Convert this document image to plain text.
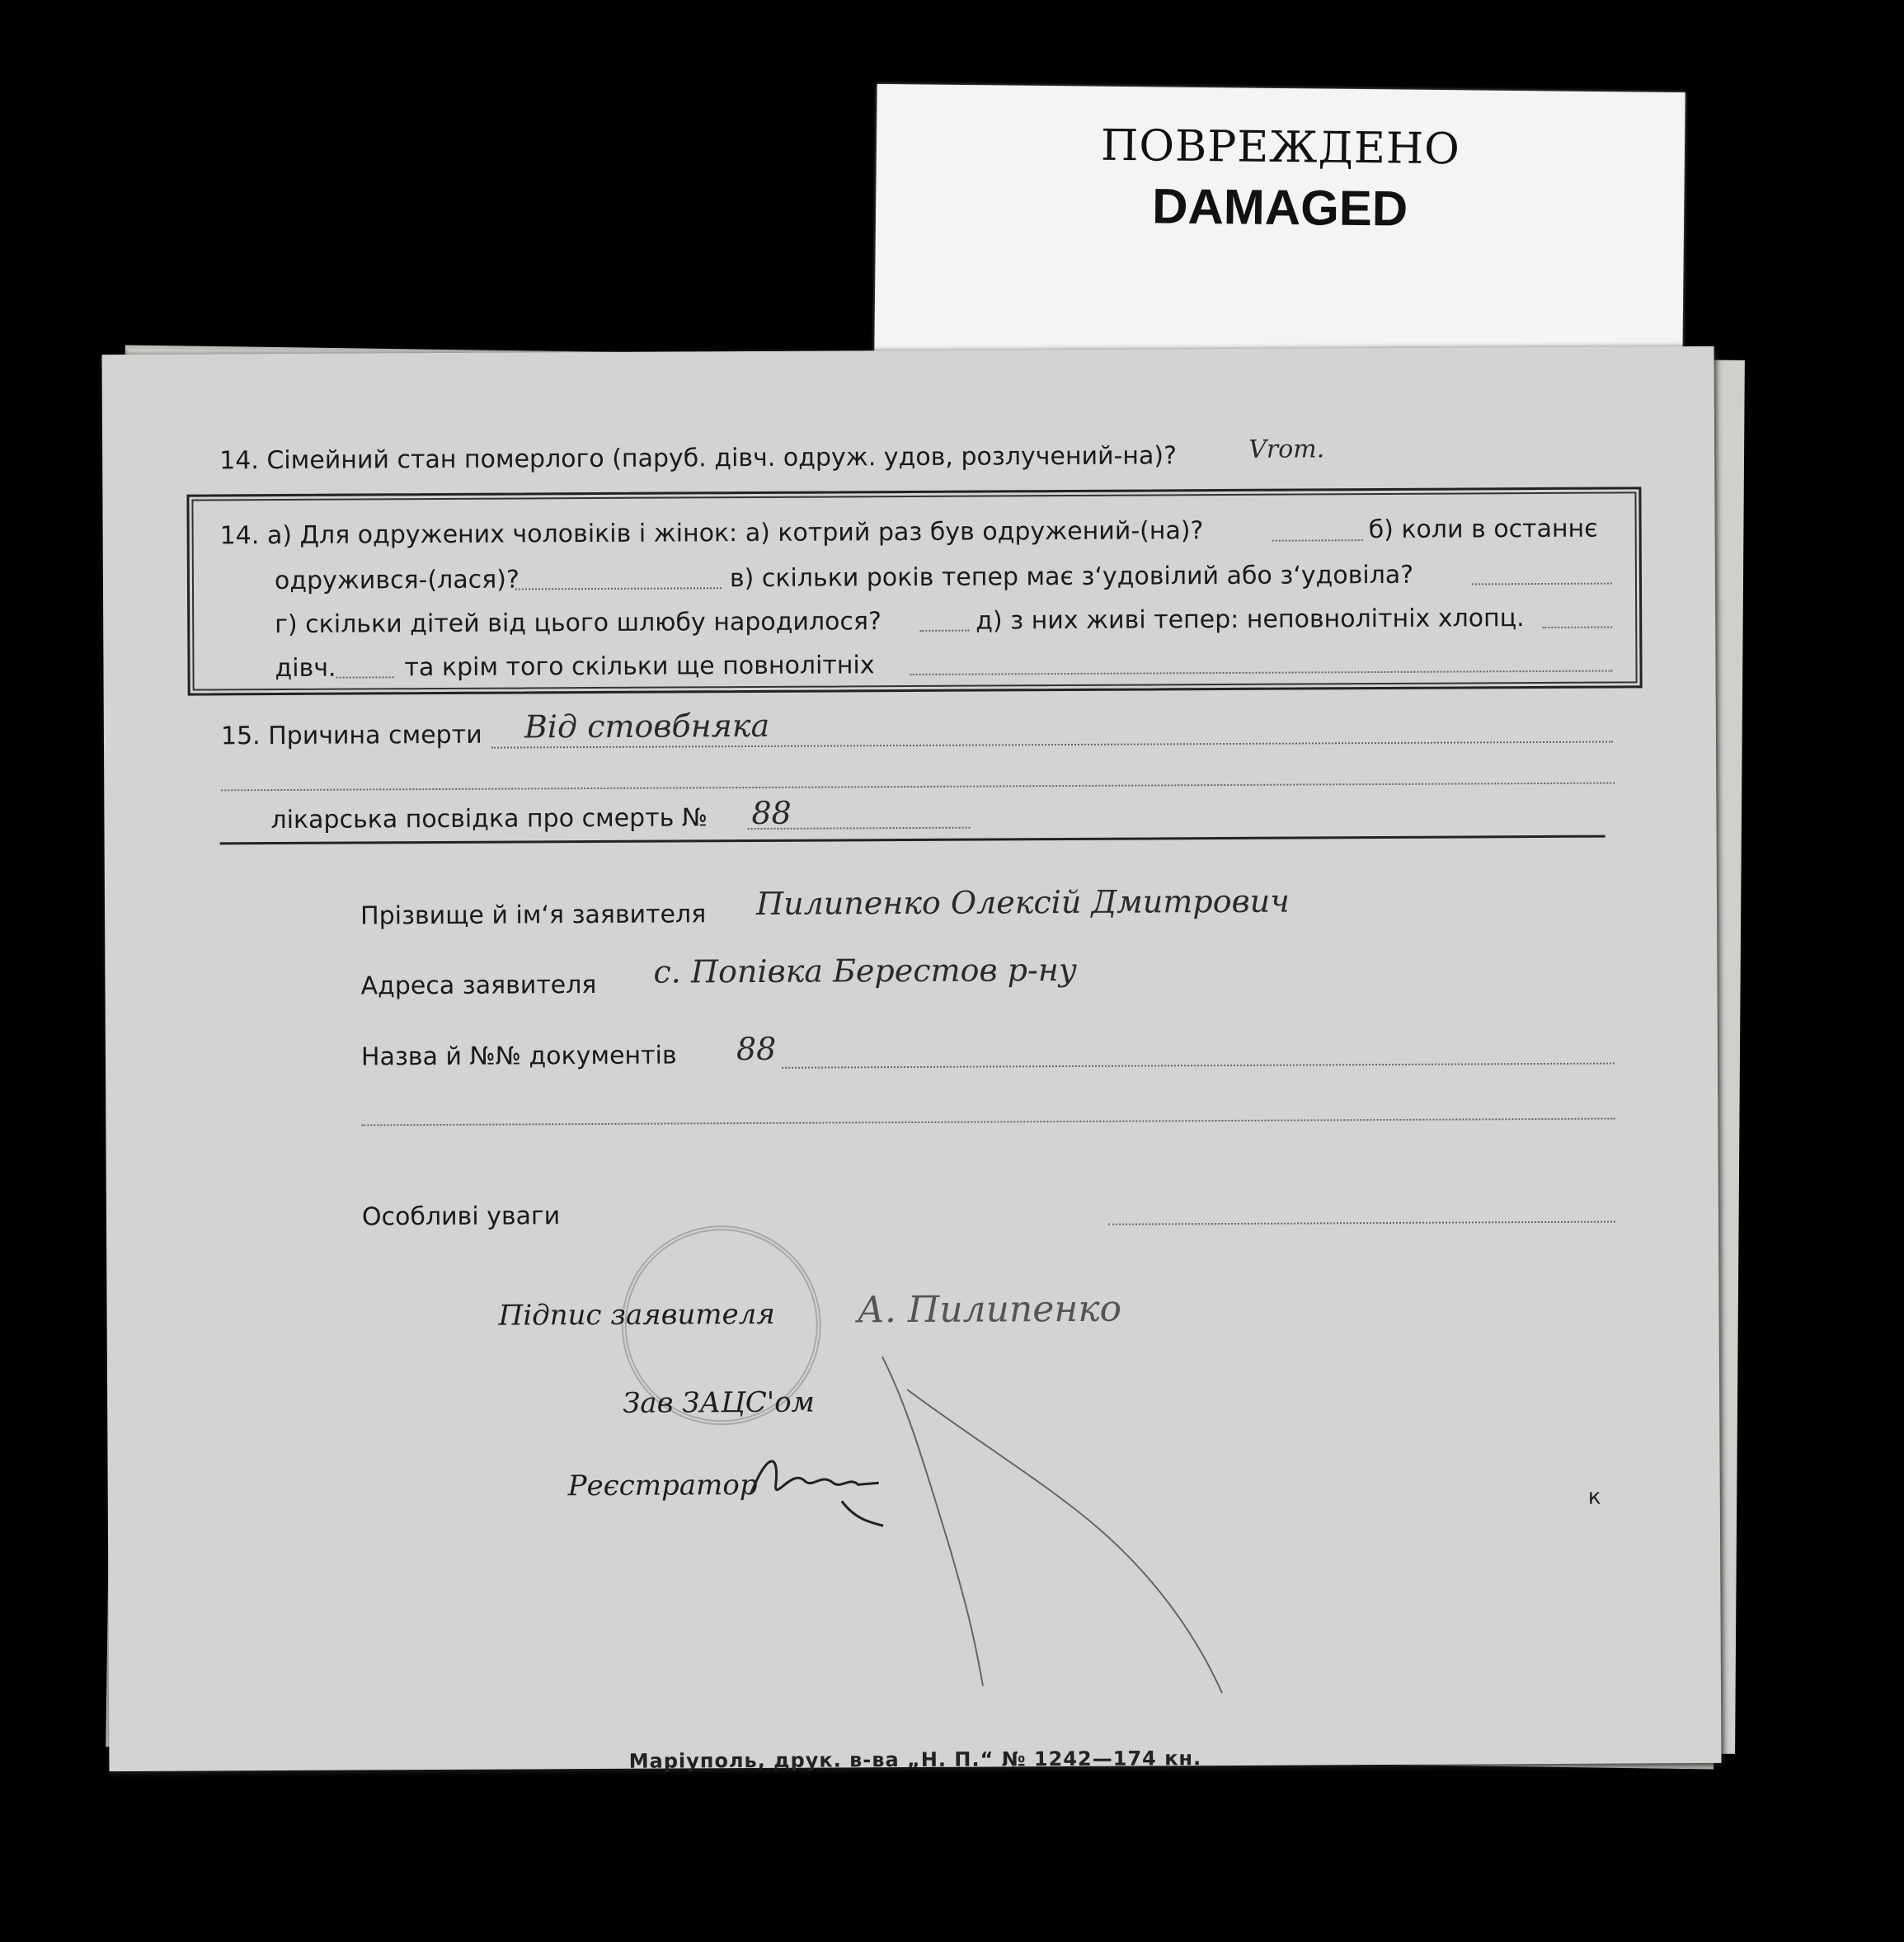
ПОВРЕЖДЕНО
DAMAGED
14. Сімейний стан померлого (паруб. дівч. одруж. удов, розлучений-на)?	Vrom.
14. а) Для одружених чоловіків і жінок: а) котрий раз був одружений-(на)?	б) коли в останнє
одружився-(лася)?	в) скільки років тепер має з‘удовілий або з‘удовіла?
г) скільки дітей від цього шлюбу народилося?	д) з них живі тепер: неповнолітніх хлопц.
дівч.	та крім того скільки ще повнолітніх
15. Причина смерти Від стовбняка
лікарська посвідка про смерть № 88
Прізвище й ім‘я заявителя Пилипенко Олексій Дмитрович
Адреса заявителя с. Попівка Берестов р-ну
Назва й №№ документів 88
Особливі уваги
Підпис заявителя А. Пилипенко
Зав ЗАЦС'ом
Реєстратор	к
Маріуполь, друк. в-ва „Н. П.“ № 1242—174 кн.
